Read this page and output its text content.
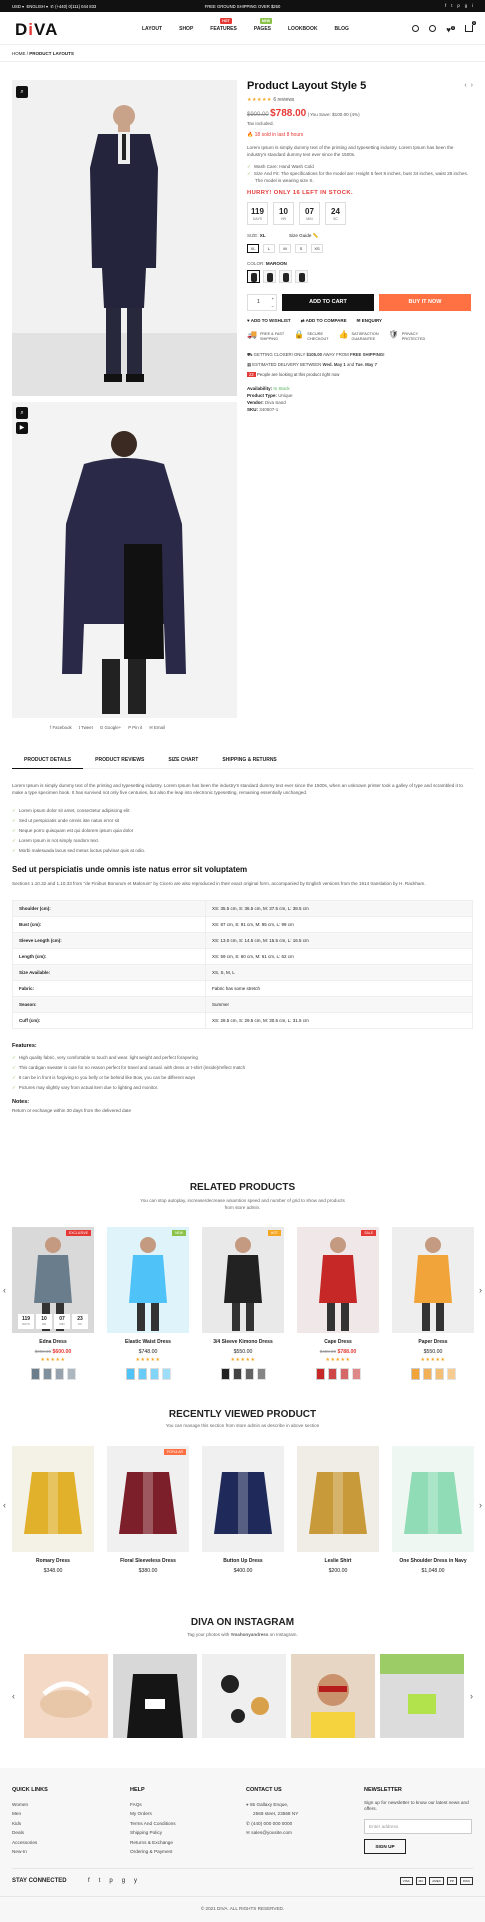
USD ▾ ENGLISH ▾ ✆ (+440) 0(111) 044 833	FREE GROUND SHIPPING OVER $250	f t p g i
DiVA	LAYOUT	SHOP
HOT
FEATURES
NEW
PAGES	LOOKBOOK	BLOG	♥$^0$
0
HOME / PRODUCT LAYOUTS
⌕
⌕
▶
f Facebook t Tweet G Google+ P Pin it ✉ Email
Product Layout Style 5	‹ ›
★★★★★ 6 reviews
$900.00 $788.00 | You Save: $100.00 (4%)
Tax included.
🔥 18 sold in last 8 hours
Lorem Ipsum is simply dummy text of the printing and typesetting industry. Lorem Ipsum has been the industry's standard dummy text ever since the 1500s.
✓ Wash Care: Hand Wash Cold
✓ Size And Fit: The specifications for the model are: Height 5 feet 8 inches, bust 34 inches, waist 28 inches. The model is wearing size S.
HURRY! ONLY 16 LEFT IN STOCK.
119
DAYS
10
HR
07
MIN
24
SC
SIZE: XL	Size Guide 📏
XL	L	M	S	XS
COLOR: MAROON
1
+
−
ADD TO CART	BUY IT NOW
♥ ADD TO WISHLIST ⇄ ADD TO COMPARE ✉ ENQUIRY
🚚 FREE & FAST
SHIPPING	🔒 SECURE
CHECKOUT 👍 SATISFACTION
GUARANTEE	🛡 PRIVACY
PROTECTED
⛟ GETTING CLOSER! ONLY $105.00 AWAY FROM FREE SHIPPING!
▦ ESTIMATED DELIVERY BETWEEN Wed. May 1 and Tue. May 7
22 People are looking at this product right now
Availability: In Stock
Product Type: Unique
Vendor: Diva Sand
SKU: 340507-1
PRODUCT DETAILS	PRODUCT REVIEWS	SIZE CHART	SHIPPING & RETURNS
Lorem Ipsum is simply dummy text of the printing and typesetting industry. Lorem Ipsum has been the industry's standard dummy text ever since the 1500s, when an unknown printer took a galley of type and scrambled it to make a type specimen book. It has survived not only five centuries, but also the leap into electronic typesetting, remaining essentially unchanged.
✓ Lorem ipsum dolor sit amet, consectetur adipiscing elit
✓ Sed ut perspiciatis unde omnis iste natus error sit
✓ Neque porro quisquam est qui dolorem ipsum quia dolor
✓ Lorem Ipsum is not simply random text.
✓ Morbi malesuada lacus sed metus luctus pulvinar quis at odio.
Sed ut perspiciatis unde omnis iste natus error sit voluptatem
Sections 1.10.32 and 1.10.33 from "de Finibus Bonorum et Malorum" by Cicero are also reproduced in their exact original form, accompanied by English versions from the 1914 translation by H. Rackham.
Shoulder (cm):	XS: 35.5 cm, S: 36.5 cm, M: 37.5 cm, L: 38.5 cm
Bust (cm):	XS: 87 cm, S: 91 cm, M: 95 cm, L: 99 cm
Sleeve Length (cm):	XS: 13.0 cm, S: 14.5 cm, M: 15.5 cm, L: 16.5 cm
Length (cm):	XS: 59 cm, S: 60 cm, M: 61 cm, L: 62 cm
Size Available:	XS, S, M, L
Fabric:	Fabric has some stretch
Season:	Summer
Cuff (cm):	XS: 28.5 cm, S: 29.5 cm, M: 30.5 cm, L: 31.5 cm
Features:
✓ High quality fabric, very comfortable to touch and wear. light weight and perfect foraywring
✓ This cardigan sweater is cute for no reason perfect for travel and casual. with dress or t-shirt (inside)/reflect match
✓ It can be in front is forgiving to you belly or be behind like Bow, you can be different ways
✓ Pictures may slightly vary from actual item due to lighting and monitor.
Notes:
Return or exchange within 30 days from the delivered date
RELATED PRODUCTS
You can stop autoplay, increase/decrease aniamtion speed and number of grid to show and products from store admin.
‹	›
EXCLUSIVE
119
DAYS
10
HR
07
MIN
23
SC
Edna Dress
$900.00 $600.00
★★★★★
NEW
Elastic Waist Dress
$748.00
★★★★★
HOT
3/4 Sleeve Kimono Dress
$550.00
★★★★★
SALE
Cape Dress
$488.00 $788.00
★★★★★
Paper Dress
$550.00
★★★★★
RECENTLY VIEWED PRODUCT
You can manage this section from store admin as describe in above section
‹	›
Romary Dress
$348.00
POPULAR
Floral Sleeveless Dress
$380.00
Button Up Dress
$400.00
Leslie Shirt
$200.00
One Shoulder Dress in Navy
$1,048.00
DIVA ON INSTAGRAM
Tag your photos with #mahonyandress on Instagram.
‹	›
QUICK LINKS
Women
Men
Kids
Deals
Accessories
New-In
HELP
FAQs
My Orders
Terms And Conditions
Shipping Policy
Returns & Exchange
Ordering & Payment
CONTACT US
⌖ 55 Gallaxy Enque,
2568 steet, 23568 NY
✆ (440) 000 000 0000
✉ sales@yousite.com
NEWSLETTER
Sign up for newsletter to know our latest news and offers.
Enter address
SIGN UP
STAY CONNECTED	f t p g y	VISA	MC	AMEX	PP	DISC
© 2021 DIVA. ALL RIGHTS RESERVED.
